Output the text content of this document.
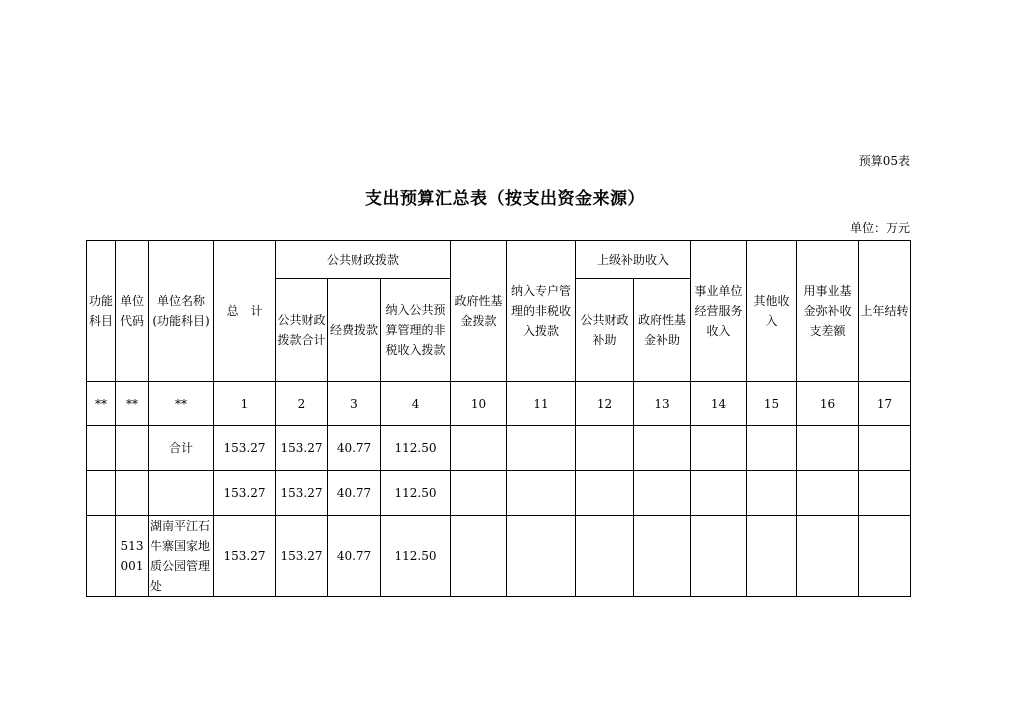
预算05表
支出预算汇总表（按支出资金来源）
单位：万元
功能科目	单位代码	单位名称(功能科目)	总　计	公共财政拨款			政府性基金拨款	纳入专户管理的非税收入拨款	上级补助收入		事业单位经营服务收入	其他收入	用事业基金弥补收支差额	上年结转
				公共财政拨款合计	经费拨款	纳入公共预算管理的非税收入拨款			公共财政补助	政府性基金补助				
**	**	**	1	2	3	4	10	11	12	13	14	15	16	17
		合计	153.27	153.27	40.77	112.50								
			153.27	153.27	40.77	112.50								
	513001	湖南平江石牛寨国家地质公园管理处	153.27	153.27	40.77	112.50								
